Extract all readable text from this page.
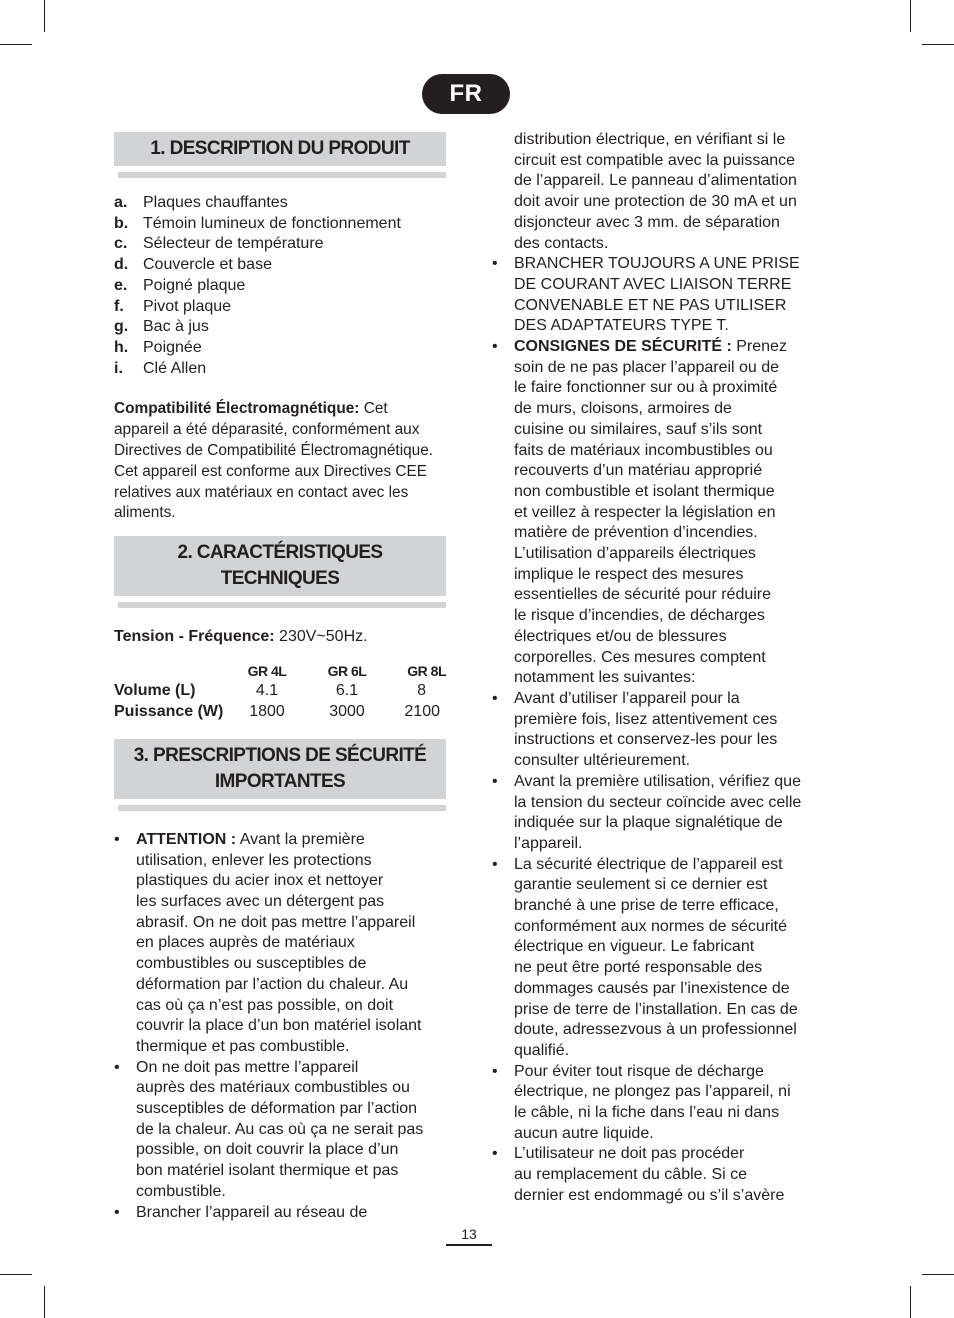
FR
1. DESCRIPTION DU PRODUIT
a. Plaques chauffantes
b. Témoin lumineux de fonctionnement
c. Sélecteur de température
d. Couvercle et base
e. Poigné plaque
f.	Pivot plaque
g. Bac à jus
h. Poignée
i.	Clé Allen

Compatibilité Électromagnétique: Cet
appareil a été déparasité, conformément aux
Directives de Compatibilité Électromagnétique.
Cet appareil est conforme aux Directives CEE
relatives aux matériaux en contact avec les
aliments.

2. CARACTÉRISTIQUES TECHNIQUES

Tension - Fréquence: 230V~50Hz.

	GR 4L	GR 6L	GR 8L
Volume (L)	4.1	6.1	8
Puissance (W)	1800	3000	2100
3. PRESCRIPTIONS DE SÉCURITÉ
IMPORTANTES
• ATTENTION : Avant la première
utilisation, enlever les protections
plastiques du acier inox et nettoyer
les surfaces avec un détergent pas
abrasif. On ne doit pas mettre l’appareil
en places auprès de matériaux
combustibles ou susceptibles de
déformation par l’action du chaleur. Au
cas où ça n’est pas possible, on doit
couvrir la place d’un bon matériel isolant
thermique et pas combustible.
• On ne doit pas mettre l’appareil
auprès des matériaux combustibles ou
susceptibles de déformation par l’action
de la chaleur. Au cas où ça ne serait pas
possible, on doit couvrir la place d’un
bon matériel isolant thermique et pas
combustible.
• Brancher l’appareil au réseau de
distribution électrique, en vérifiant si le
circuit est compatible avec la puissance
de l’appareil. Le panneau d’alimentation
doit avoir une protection de 30 mA et un
disjoncteur avec 3 mm. de séparation
des contacts.
• BRANCHER TOUJOURS A UNE PRISE
DE COURANT AVEC LIAISON TERRE
CONVENABLE ET NE PAS UTILISER
DES ADAPTATEURS TYPE T.
• CONSIGNES DE SÉCURITÉ : Prenez
soin de ne pas placer l’appareil ou de
le faire fonctionner sur ou à proximité
de murs, cloisons, armoires de
cuisine ou similaires, sauf s’ils sont
faits de matériaux incombustibles ou
recouverts d’un matériau approprié
non combustible et isolant thermique
et veillez à respecter la législation en
matière de prévention d’incendies.
L’utilisation d’appareils électriques
implique le respect des mesures
essentielles de sécurité pour réduire
le risque d’incendies, de décharges
électriques et/ou de blessures
corporelles. Ces mesures comptent
notamment les suivantes:
• Avant d’utiliser l’appareil pour la
première fois, lisez attentivement ces
instructions et conservez-les pour les
consulter ultérieurement.
• Avant la première utilisation, vérifiez que
la tension du secteur coïncide avec celle
indiquée sur la plaque signalétique de
l’appareil.
• La sécurité électrique de l’appareil est
garantie seulement si ce dernier est
branché à une prise de terre efficace,
conformément aux normes de sécurité
électrique en vigueur. Le fabricant
ne peut être porté responsable des
dommages causés par l’inexistence de
prise de terre de l’installation. En cas de
doute, adressezvous à un professionnel
qualifié.
• Pour éviter tout risque de décharge
électrique, ne plongez pas l’appareil, ni
le câble, ni la fiche dans l’eau ni dans
aucun autre liquide.
• L’utilisateur ne doit pas procéder
au remplacement du câble. Si ce
dernier est endommagé ou s’il s’avère
13
